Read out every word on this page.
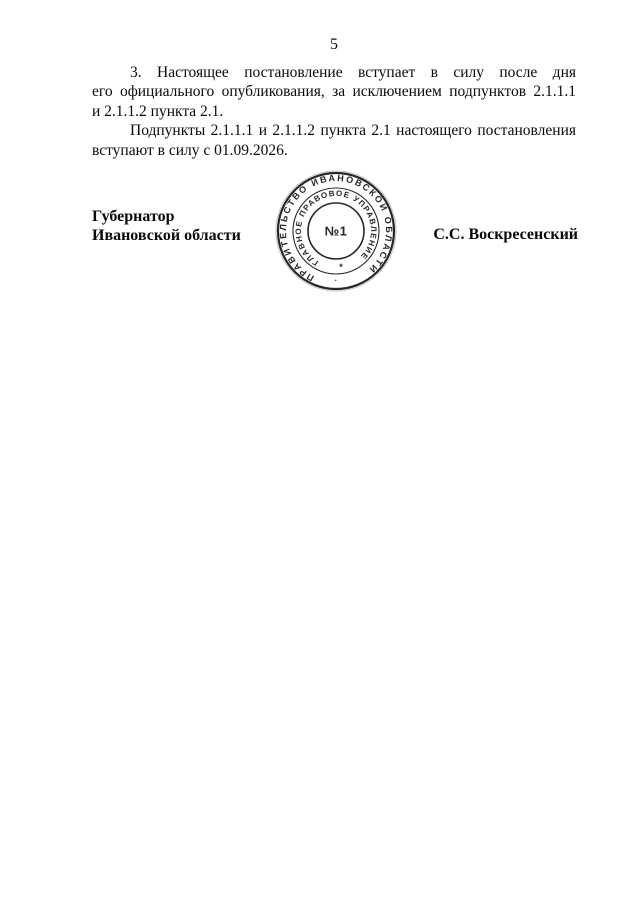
5
3. Настоящее постановление вступает в силу после дня
его официального опубликования, за исключением подпунктов 2.1.1.1
и 2.1.1.2 пункта 2.1.
Подпункты 2.1.1.1 и 2.1.1.2 пункта 2.1 настоящего постановления
вступают в силу с 01.09.2026.
Губернатор
Ивановской области	С.С. Воскресенский
ПРАВИТЕЛЬСТВО ИВАНОВСКОЙ ОБЛАСТИ
ГЛАВНОЕ ПРАВОВОЕ УПРАВЛЕНИЕ
№1
*
·
